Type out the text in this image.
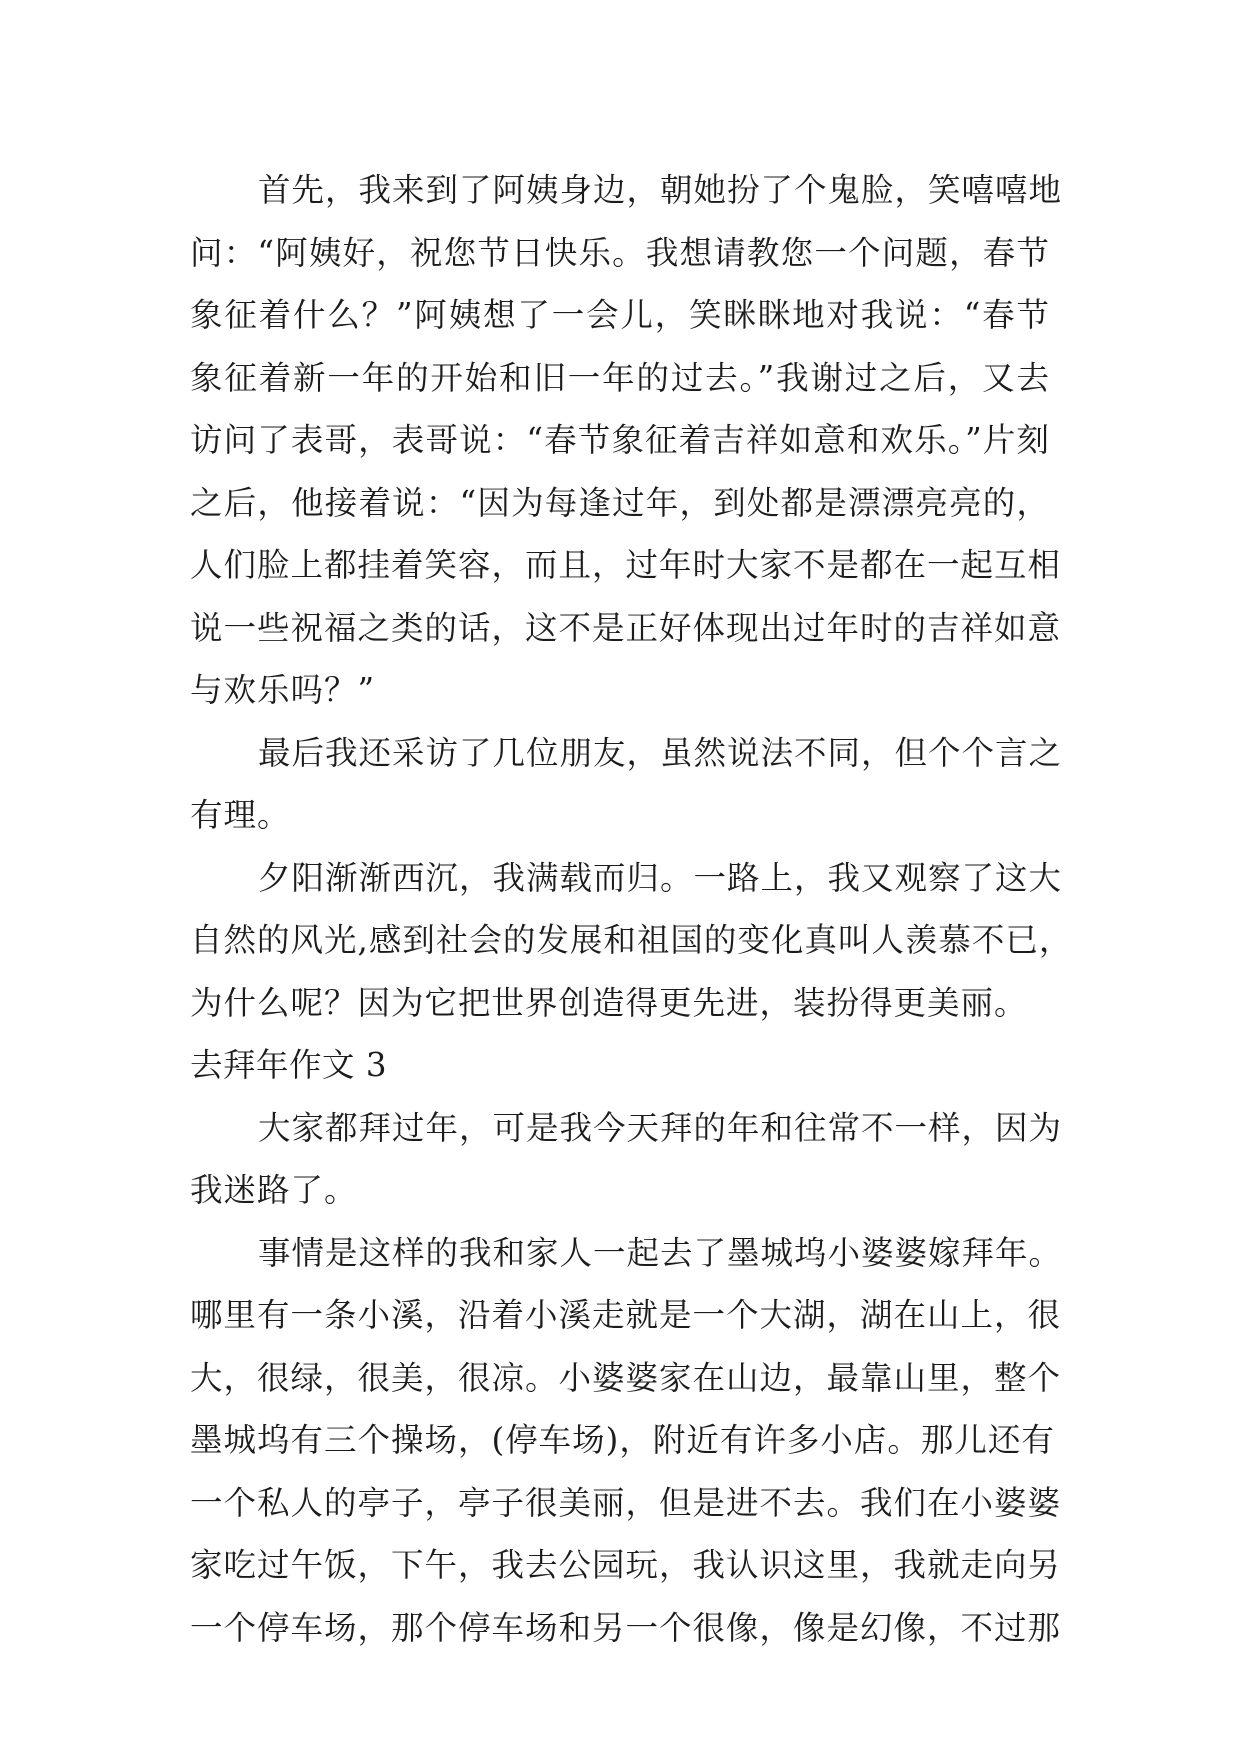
首先，我来到了阿姨身边，朝她扮了个鬼脸，笑嘻嘻地
问：“阿姨好，祝您节日快乐。我想请教您一个问题，春节
象征着什么？”阿姨想了一会儿，笑眯眯地对我说：“春节
象征着新一年的开始和旧一年的过去。”我谢过之后，又去
访问了表哥，表哥说：“春节象征着吉祥如意和欢乐。”片刻
之后，他接着说：“因为每逢过年，到处都是漂漂亮亮的，
人们脸上都挂着笑容，而且，过年时大家不是都在一起互相
说一些祝福之类的话，这不是正好体现出过年时的吉祥如意
与欢乐吗？”
最后我还采访了几位朋友，虽然说法不同，但个个言之
有理。
夕阳渐渐西沉，我满载而归。一路上，我又观察了这大
自然的风光,感到社会的发展和祖国的变化真叫人羡慕不已，
为什么呢？因为它把世界创造得更先进，装扮得更美丽。
去拜年作文 3
大家都拜过年，可是我今天拜的年和往常不一样，因为
我迷路了。
事情是这样的我和家人一起去了墨城坞小婆婆嫁拜年。
哪里有一条小溪，沿着小溪走就是一个大湖，湖在山上，很
大，很绿，很美，很凉。小婆婆家在山边，最靠山里，整个
墨城坞有三个操场，(停车场)，附近有许多小店。那儿还有
一个私人的亭子，亭子很美丽，但是进不去。我们在小婆婆
家吃过午饭，下午，我去公园玩，我认识这里，我就走向另
一个停车场，那个停车场和另一个很像，像是幻像，不过那
